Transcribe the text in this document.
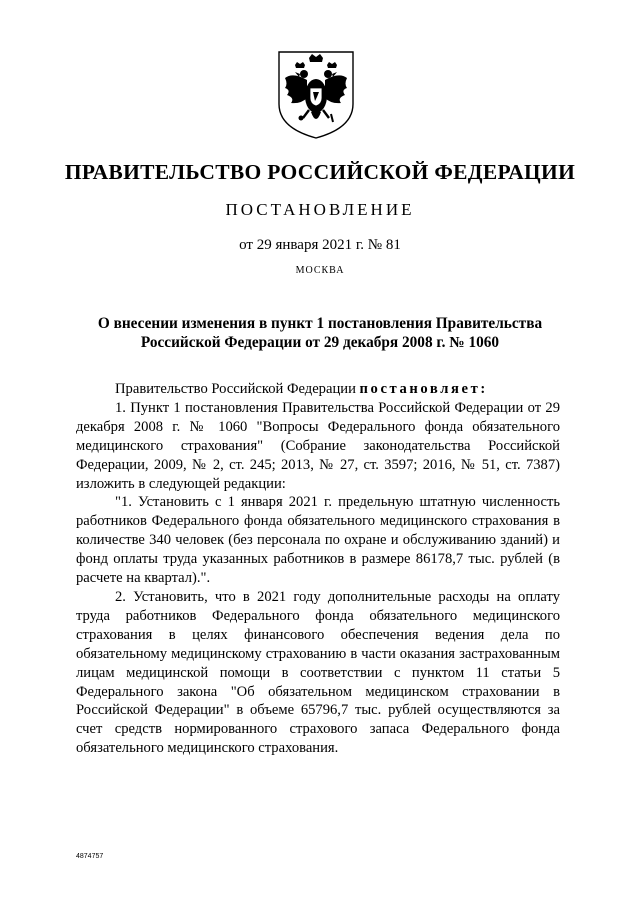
ПРАВИТЕЛЬСТВО РОССИЙСКОЙ ФЕДЕРАЦИИ
ПОСТАНОВЛЕНИЕ
от 29 января 2021 г. № 81
МОСКВА
О внесении изменения в пункт 1 постановления Правительства
Российской Федерации от 29 декабря 2008 г. № 1060

Правительство Российской Федерации постановляет:

1. Пункт 1 постановления Правительства Российской Федерации от 29 декабря 2008 г. № 1060 "Вопросы Федерального фонда обязательного медицинского страхования" (Собрание законодательства Российской Федерации, 2009, № 2, ст. 245; 2013, № 27, ст. 3597; 2016, № 51, ст. 7387) изложить в следующей редакции:

"1. Установить с 1 января 2021 г. предельную штатную численность работников Федерального фонда обязательного медицинского страхования в количестве 340 человек (без персонала по охране и обслуживанию зданий) и фонд оплаты труда указанных работников в размере 86178,7 тыс. рублей (в расчете на квартал).".

2. Установить, что в 2021 году дополнительные расходы на оплату труда работников Федерального фонда обязательного медицинского страхования в целях финансового обеспечения ведения дела по обязательному медицинскому страхованию в части оказания застрахованным лицам медицинской помощи в соответствии с пунктом 11 статьи 5 Федерального закона "Об обязательном медицинском страховании в Российской Федерации" в объеме 65796,7 тыс. рублей осуществляются за счет средств нормированного страхового запаса Федерального фонда обязательного медицинского страхования.

4874757
